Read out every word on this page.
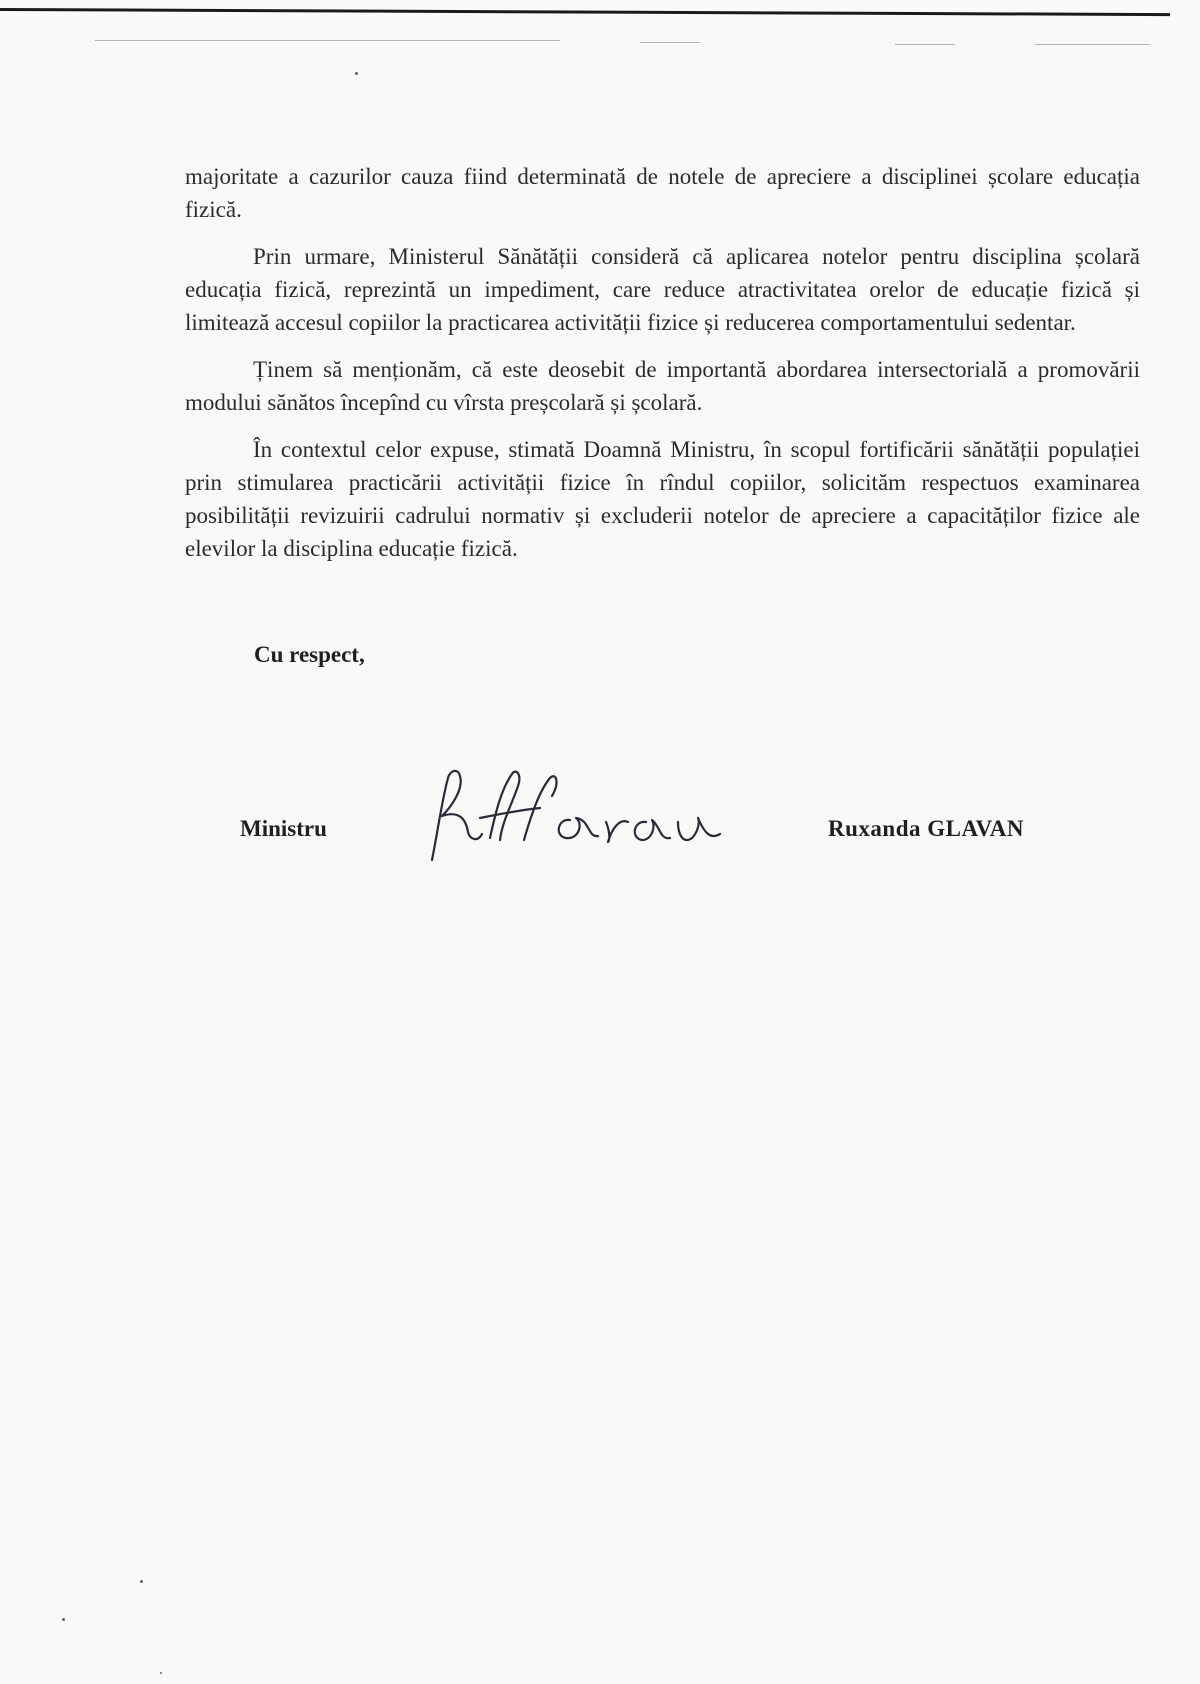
majoritate a cazurilor cauza fiind determinată de notele de apreciere a disciplinei școlare educația fizică.

Prin urmare, Ministerul Sănătății consideră că aplicarea notelor pentru disciplina școlară educația fizică, reprezintă un impediment, care reduce atractivitatea orelor de educație fizică și limitează accesul copiilor la practicarea activității fizice și reducerea comportamentului sedentar.

Ținem să menționăm, că este deosebit de importantă abordarea intersectorială a promovării modului sănătos începînd cu vîrsta preșcolară și școlară.

În contextul celor expuse, stimată Doamnă Ministru, în scopul fortificării sănătății populației prin stimularea practicării activității fizice în rîndul copiilor, solicităm respectuos examinarea posibilității revizuirii cadrului normativ și excluderii notelor de apreciere a capacităților fizice ale elevilor la disciplina educație fizică.

Cu respect,
Ministru	Ruxanda GLAVAN
